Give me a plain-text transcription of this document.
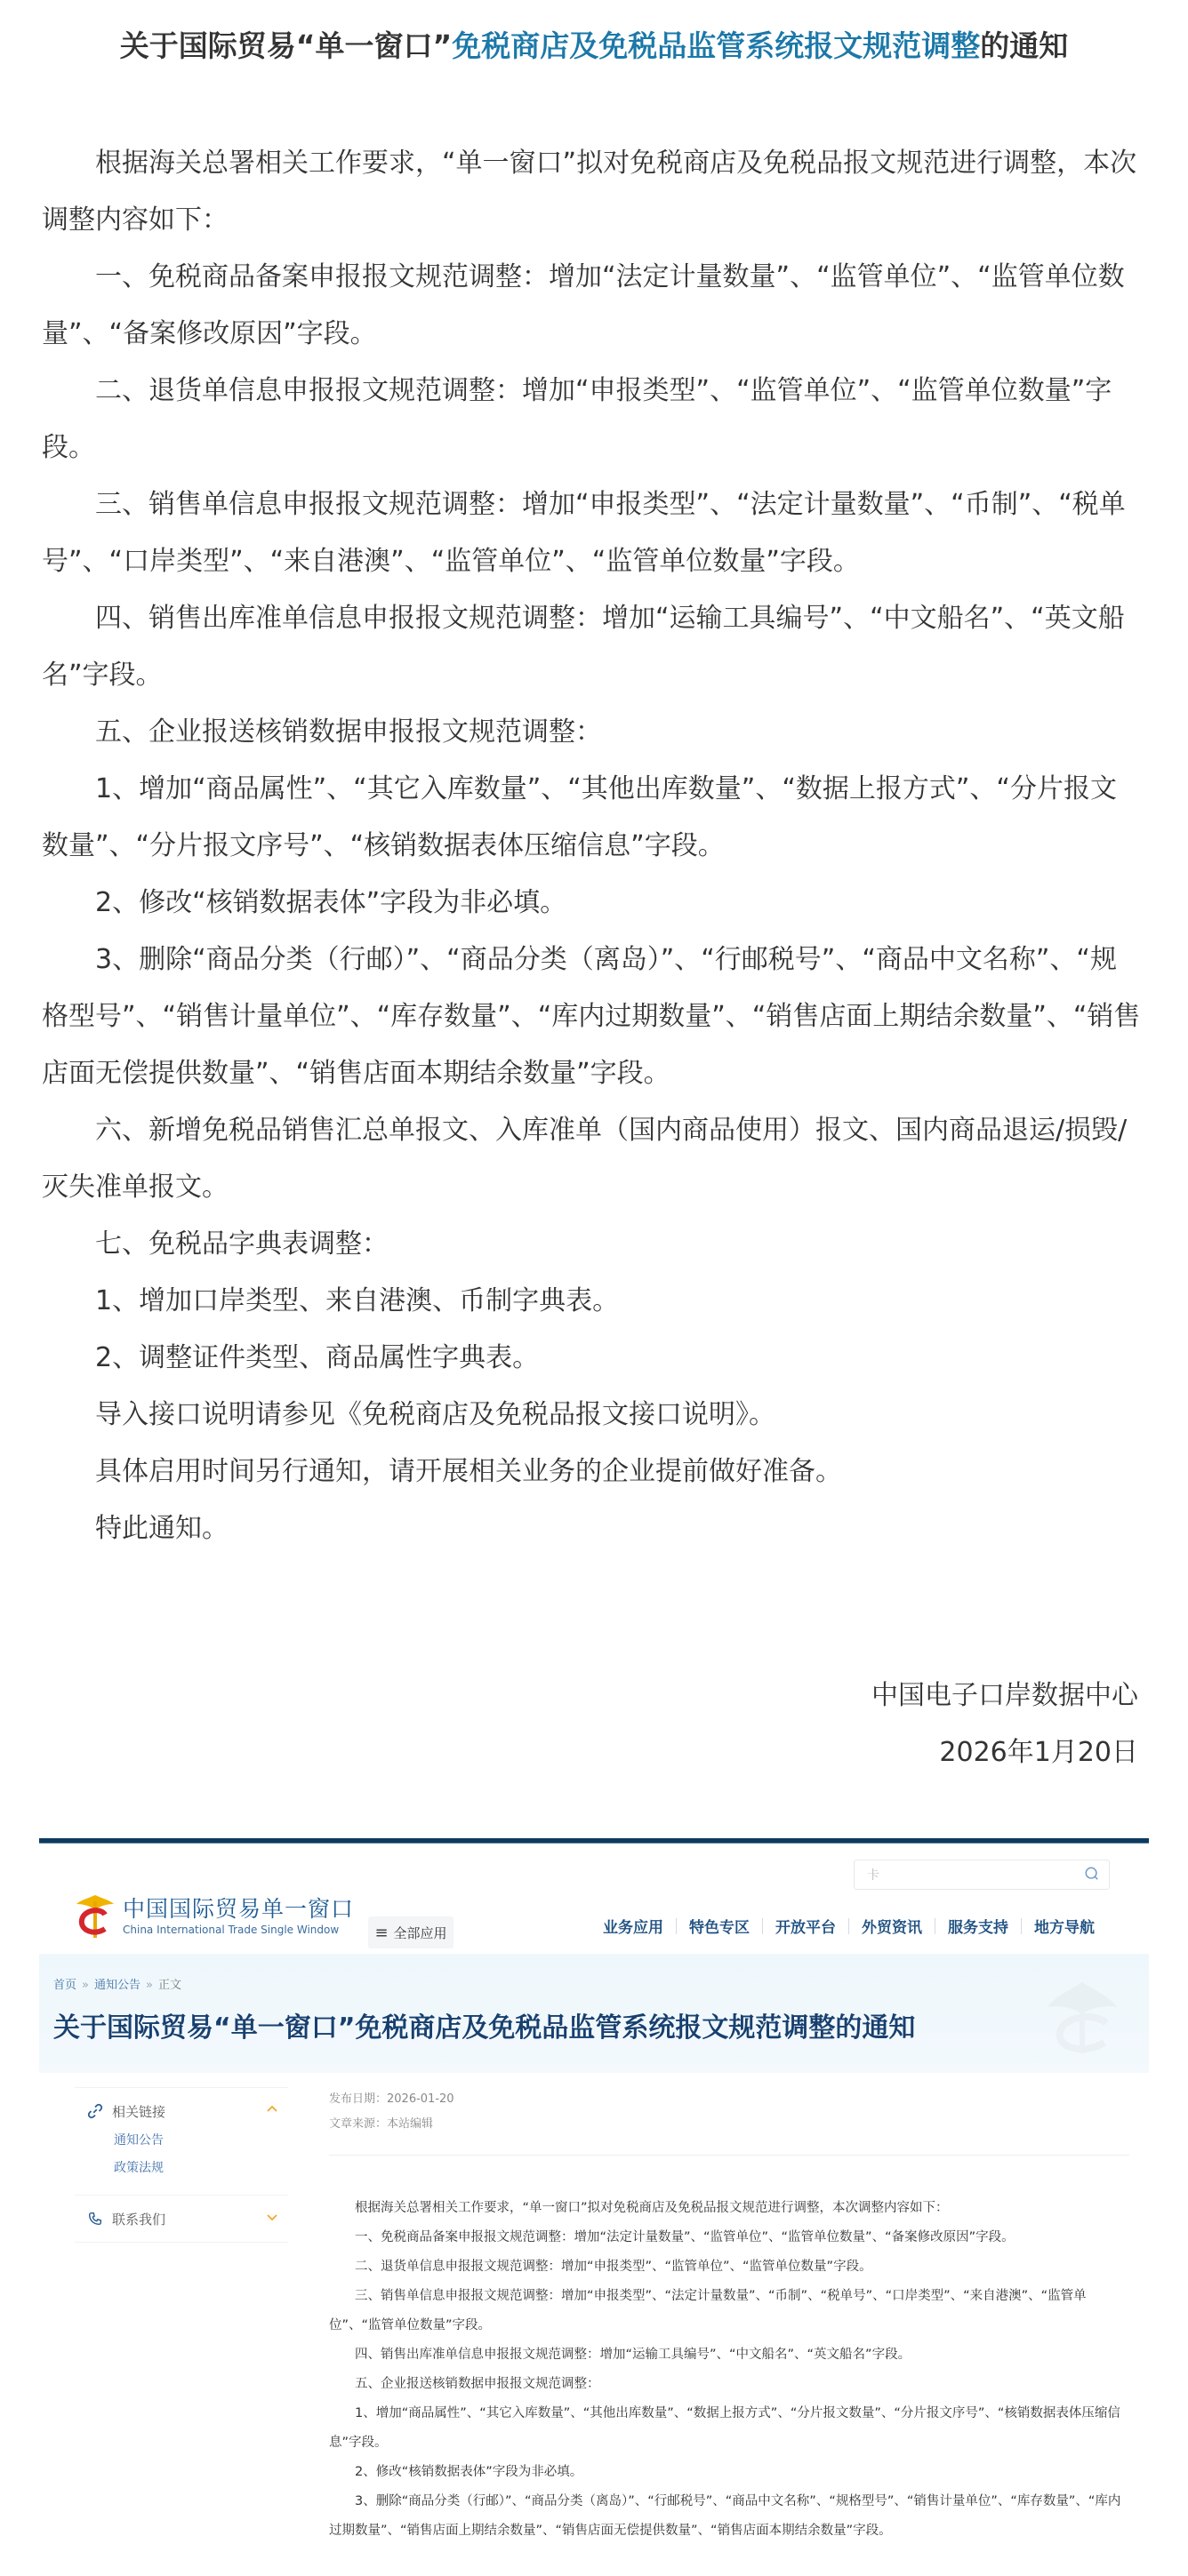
关于国际贸易“单一窗口”免税商店及免税品监管系统报文规范调整的通知

根据海关总署相关工作要求，“单一窗口”拟对免税商店及免税品报文规范进行调整，本次调整内容如下：

一、免税商品备案申报报文规范调整：增加“法定计量数量”、“监管单位”、“监管单位数量”、“备案修改原因”字段。

二、退货单信息申报报文规范调整：增加“申报类型”、“监管单位”、“监管单位数量”字段。

三、销售单信息申报报文规范调整：增加“申报类型”、“法定计量数量”、“币制”、“税单号”、“口岸类型”、“来自港澳”、“监管单位”、“监管单位数量”字段。

四、销售出库准单信息申报报文规范调整：增加“运输工具编号”、“中文船名”、“英文船名”字段。

五、企业报送核销数据申报报文规范调整：

1、增加“商品属性”、“其它入库数量”、“其他出库数量”、“数据上报方式”、“分片报文数量”、“分片报文序号”、“核销数据表体压缩信息”字段。

2、修改“核销数据表体”字段为非必填。

3、删除“商品分类（行邮）”、“商品分类（离岛）”、“行邮税号”、“商品中文名称”、“规格型号”、“销售计量单位”、“库存数量”、“库内过期数量”、“销售店面上期结余数量”、“销售店面无偿提供数量”、“销售店面本期结余数量”字段。

六、新增免税品销售汇总单报文、入库准单（国内商品使用）报文、国内商品退运/损毁/灭失准单报文。

七、免税品字典表调整：

1、增加口岸类型、来自港澳、币制字典表。

2、调整证件类型、商品属性字典表。

导入接口说明请参见《免税商店及免税品报文接口说明》。

具体启用时间另行通知，请开展相关业务的企业提前做好准备。

特此通知。

中国电子口岸数据中心
2026年1月20日
中国国际贸易单一窗口
China International Trade Single Window	≡ 全部应用
卡
业务应用	特色专区	开放平台	外贸资讯	服务支持	地方导航
首页 » 通知公告 » 正文
关于国际贸易“单一窗口”免税商店及免税品监管系统报文规范调整的通知
相关链接
通知公告
政策法规
联系我们
发布日期：2026-01-20
文章来源：本站编辑

根据海关总署相关工作要求，“单一窗口”拟对免税商店及免税品报文规范进行调整，本次调整内容如下：

一、免税商品备案申报报文规范调整：增加“法定计量数量”、“监管单位”、“监管单位数量”、“备案修改原因”字段。

二、退货单信息申报报文规范调整：增加“申报类型”、“监管单位”、“监管单位数量”字段。

三、销售单信息申报报文规范调整：增加“申报类型”、“法定计量数量”、“币制”、“税单号”、“口岸类型”、“来自港澳”、“监管单位”、“监管单位数量”字段。

四、销售出库准单信息申报报文规范调整：增加“运输工具编号”、“中文船名”、“英文船名”字段。

五、企业报送核销数据申报报文规范调整：

1、增加“商品属性”、“其它入库数量”、“其他出库数量”、“数据上报方式”、“分片报文数量”、“分片报文序号”、“核销数据表体压缩信息”字段。

2、修改“核销数据表体”字段为非必填。

3、删除“商品分类（行邮）”、“商品分类（离岛）”、“行邮税号”、“商品中文名称”、“规格型号”、“销售计量单位”、“库存数量”、“库内过期数量”、“销售店面上期结余数量”、“销售店面无偿提供数量”、“销售店面本期结余数量”字段。
